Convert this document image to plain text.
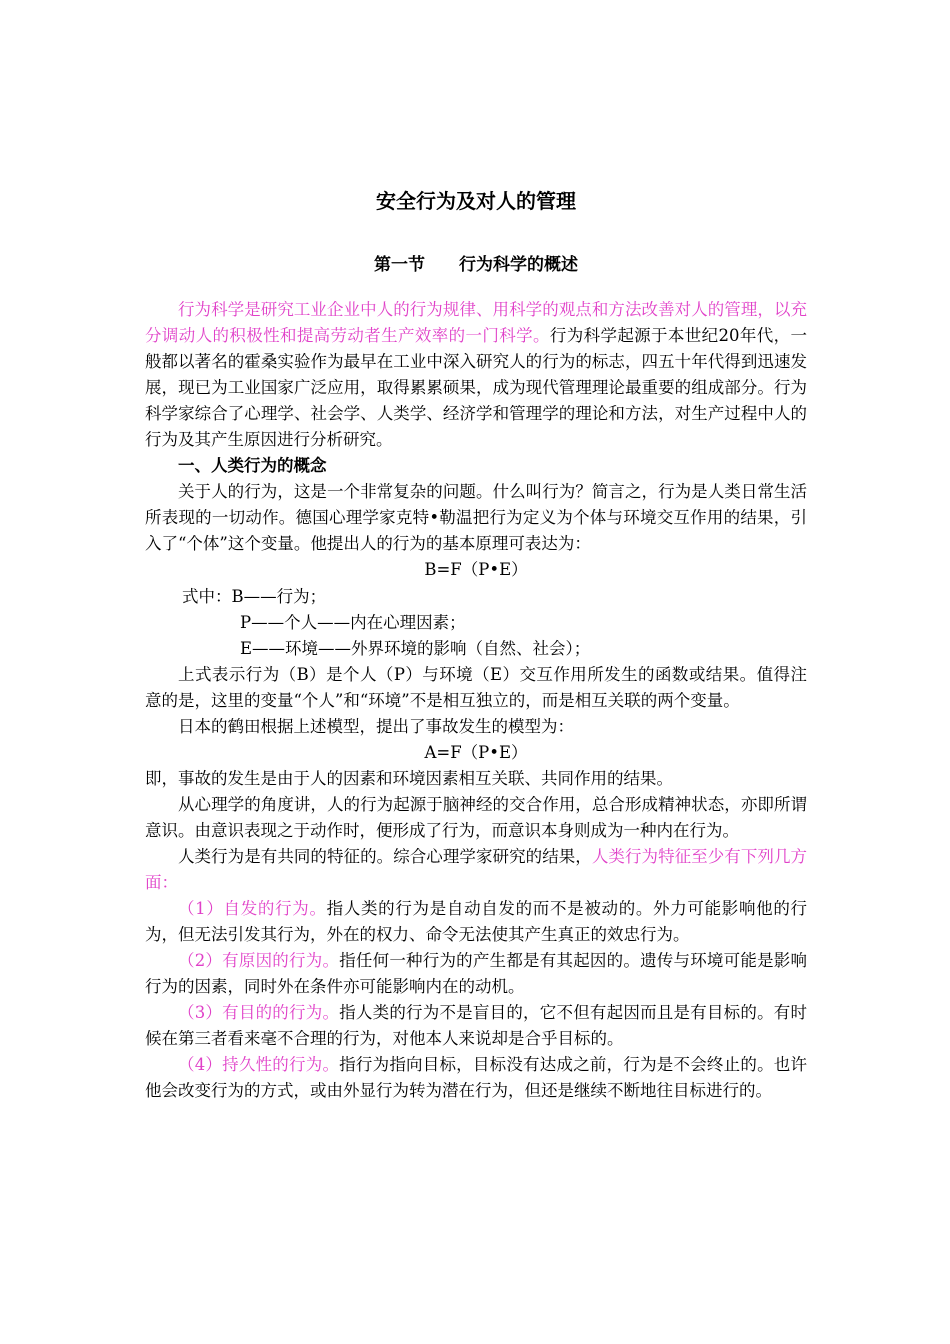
安全行为及对人的管理
第一节 行为科学的概述

行为科学是研究工业企业中人的行为规律、用科学的观点和方法改善对人的管理，以充分调动人的积极性和提高劳动者生产效率的一门科学。行为科学起源于本世纪20年代，一般都以著名的霍桑实验作为最早在工业中深入研究人的行为的标志，四五十年代得到迅速发展，现已为工业国家广泛应用，取得累累硕果，成为现代管理理论最重要的组成部分。行为科学家综合了心理学、社会学、人类学、经济学和管理学的理论和方法，对生产过程中人的行为及其产生原因进行分析研究。

一、人类行为的概念

关于人的行为，这是一个非常复杂的问题。什么叫行为？简言之，行为是人类日常生活所表现的一切动作。德国心理学家克特•勒温把行为定义为个体与环境交互作用的结果，引入了“个体”这个变量。他提出人的行为的基本原理可表达为：

B=F（P•E）

式中：B——行为；

P——个人——内在心理因素；

E——环境——外界环境的影响（自然、社会）；

上式表示行为（B）是个人（P）与环境（E）交互作用所发生的函数或结果。值得注意的是，这里的变量“个人”和“环境”不是相互独立的，而是相互关联的两个变量。

日本的鹤田根据上述模型，提出了事故发生的模型为：

A=F（P•E）

即，事故的发生是由于人的因素和环境因素相互关联、共同作用的结果。

从心理学的角度讲，人的行为起源于脑神经的交合作用，总合形成精神状态，亦即所谓意识。由意识表现之于动作时，便形成了行为，而意识本身则成为一种内在行为。

人类行为是有共同的特征的。综合心理学家研究的结果，人类行为特征至少有下列几方面：

（1）自发的行为。指人类的行为是自动自发的而不是被动的。外力可能影响他的行为，但无法引发其行为，外在的权力、命令无法使其产生真正的效忠行为。

（2）有原因的行为。指任何一种行为的产生都是有其起因的。遗传与环境可能是影响行为的因素，同时外在条件亦可能影响内在的动机。

（3）有目的的行为。指人类的行为不是盲目的，它不但有起因而且是有目标的。有时候在第三者看来毫不合理的行为，对他本人来说却是合乎目标的。

（4）持久性的行为。指行为指向目标，目标没有达成之前，行为是不会终止的。也许他会改变行为的方式，或由外显行为转为潜在行为，但还是继续不断地往目标进行的。
